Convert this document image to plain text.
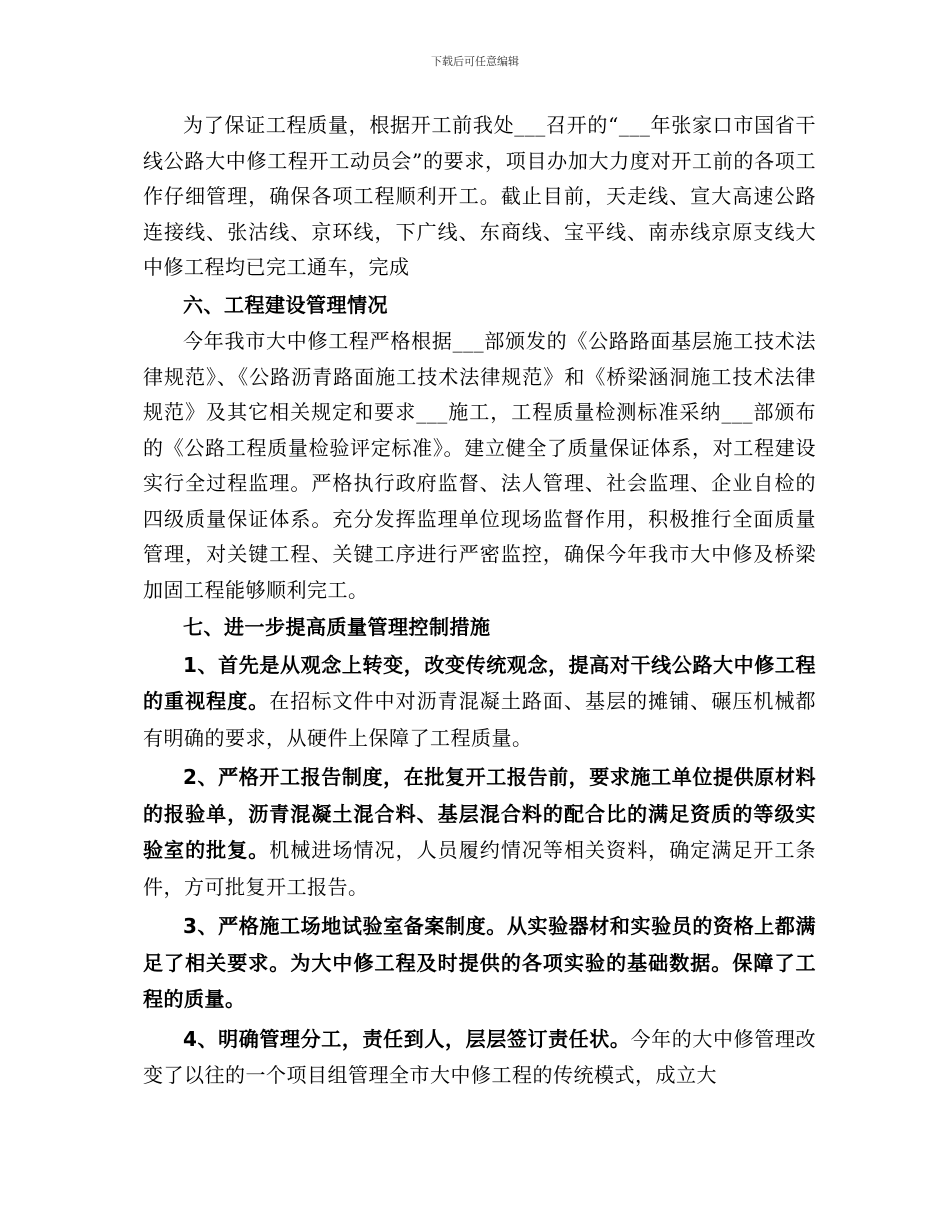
下载后可任意编辑

为了保证工程质量，根据开工前我处___召开的“___年张家口市国省干线公路大中修工程开工动员会”的要求，项目办加大力度对开工前的各项工作仔细管理，确保各项工程顺利开工。截止目前，天走线、宣大高速公路连接线、张沽线、京环线，下广线、东商线、宝平线、南赤线京原支线大中修工程均已完工通车，完成

六、工程建设管理情况

今年我市大中修工程严格根据___部颁发的《公路路面基层施工技术法律规范》、《公路沥青路面施工技术法律规范》和《桥梁涵洞施工技术法律规范》及其它相关规定和要求___施工，工程质量检测标准采纳___部颁布的《公路工程质量检验评定标准》。建立健全了质量保证体系，对工程建设实行全过程监理。严格执行政府监督、法人管理、社会监理、企业自检的四级质量保证体系。充分发挥监理单位现场监督作用，积极推行全面质量管理，对关键工程、关键工序进行严密监控，确保今年我市大中修及桥梁加固工程能够顺利完工。

七、进一步提高质量管理控制措施

1、首先是从观念上转变，改变传统观念，提高对干线公路大中修工程的重视程度。在招标文件中对沥青混凝土路面、基层的摊铺、碾压机械都有明确的要求，从硬件上保障了工程质量。

2、严格开工报告制度，在批复开工报告前，要求施工单位提供原材料的报验单，沥青混凝土混合料、基层混合料的配合比的满足资质的等级实验室的批复。机械进场情况，人员履约情况等相关资料，确定满足开工条件，方可批复开工报告。

3、严格施工场地试验室备案制度。从实验器材和实验员的资格上都满足了相关要求。为大中修工程及时提供的各项实验的基础数据。保障了工程的质量。

4、明确管理分工，责任到人，层层签订责任状。今年的大中修管理改变了以往的一个项目组管理全市大中修工程的传统模式，成立大
